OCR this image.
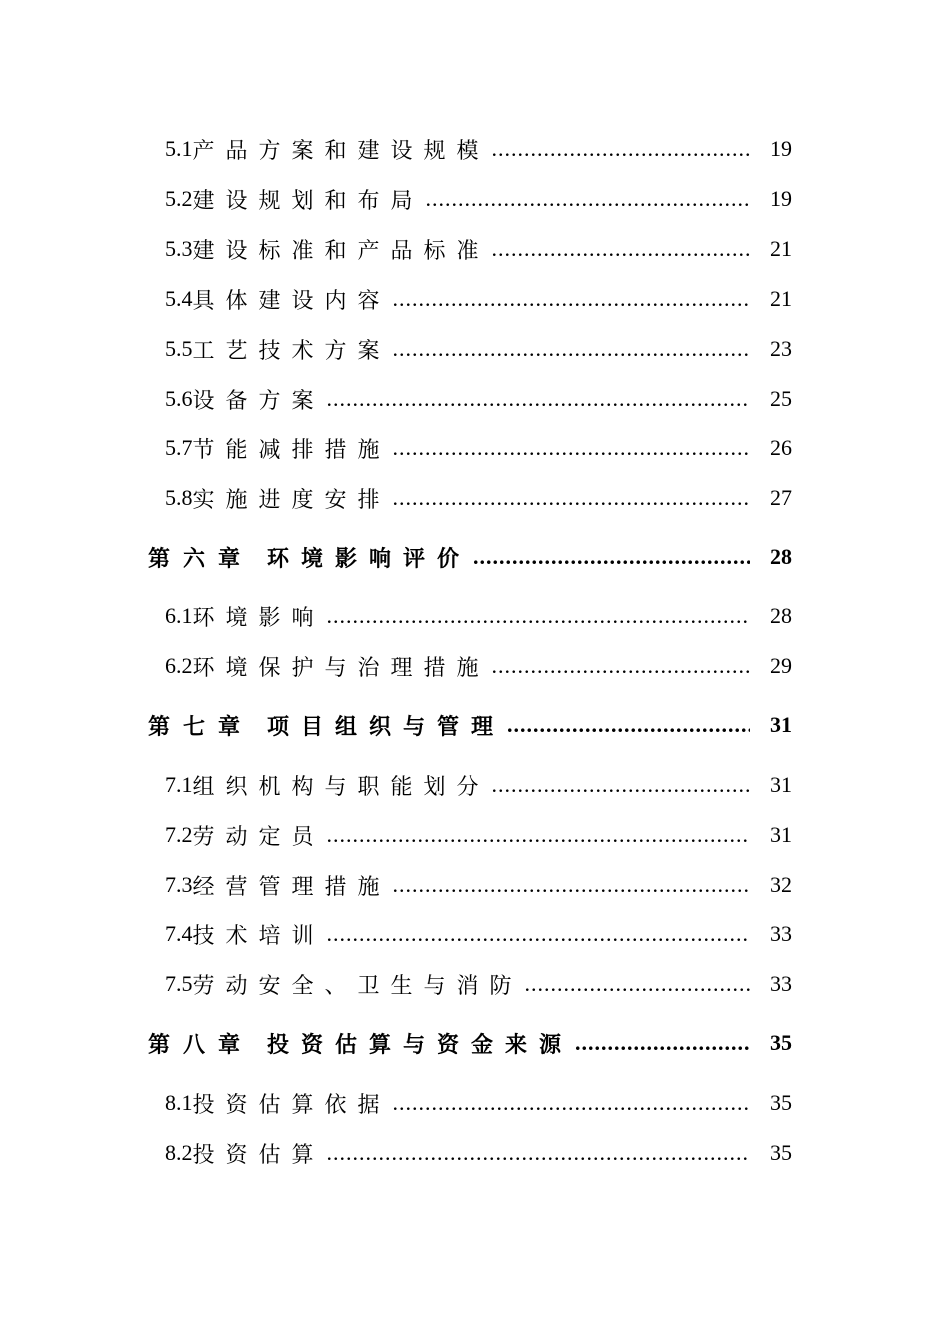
5.1 产品方案和建设规模 .....	19
5.2 建设规划和布局 .....	19
5.3 建设标准和产品标准 .....	21
5.4 具体建设内容 .....	21
5.5 工艺技术方案 .....	23
5.6 设备方案 .....	25
5.7 节能减排措施 .....	26
5.8 实施进度安排 .....	27
第六章 环境影响评价 .....	28
6.1 环境影响 .....	28
6.2 环境保护与治理措施 .....	29
第七章 项目组织与管理 .....	31
7.1 组织机构与职能划分 .....	31
7.2 劳动定员 .....	31
7.3 经营管理措施 .....	32
7.4 技术培训 .....	33
7.5 劳动安全、卫生与消防 .....	33
第八章 投资估算与资金来源 .....	35
8.1 投资估算依据 .....	35
8.2 投资估算 .....	35
